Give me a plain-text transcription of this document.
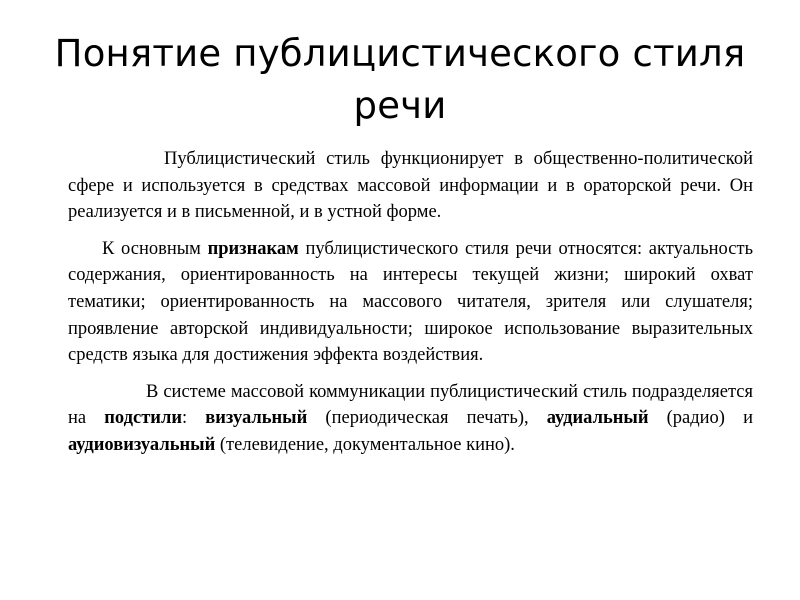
Понятие публицистического стиля речи

Публицистический стиль функционирует в общественно-политической сфере и используется в средствах массовой информации и в ораторской речи. Он реализуется и в письменной, и в устной форме.

К основным признакам публицистического стиля речи относятся: актуальность содержания, ориентированность на интересы текущей жизни; широкий охват тематики; ориентированность на массового читателя, зрителя или слушателя; проявление авторской индивидуальности; широкое использование выразительных средств языка для достижения эффекта воздействия.

В системе массовой коммуникации публицистический стиль подразделяется на подстили: визуальный (периодическая печать), аудиальный (радио) и аудиовизуальный (телевидение, документальное кино).
